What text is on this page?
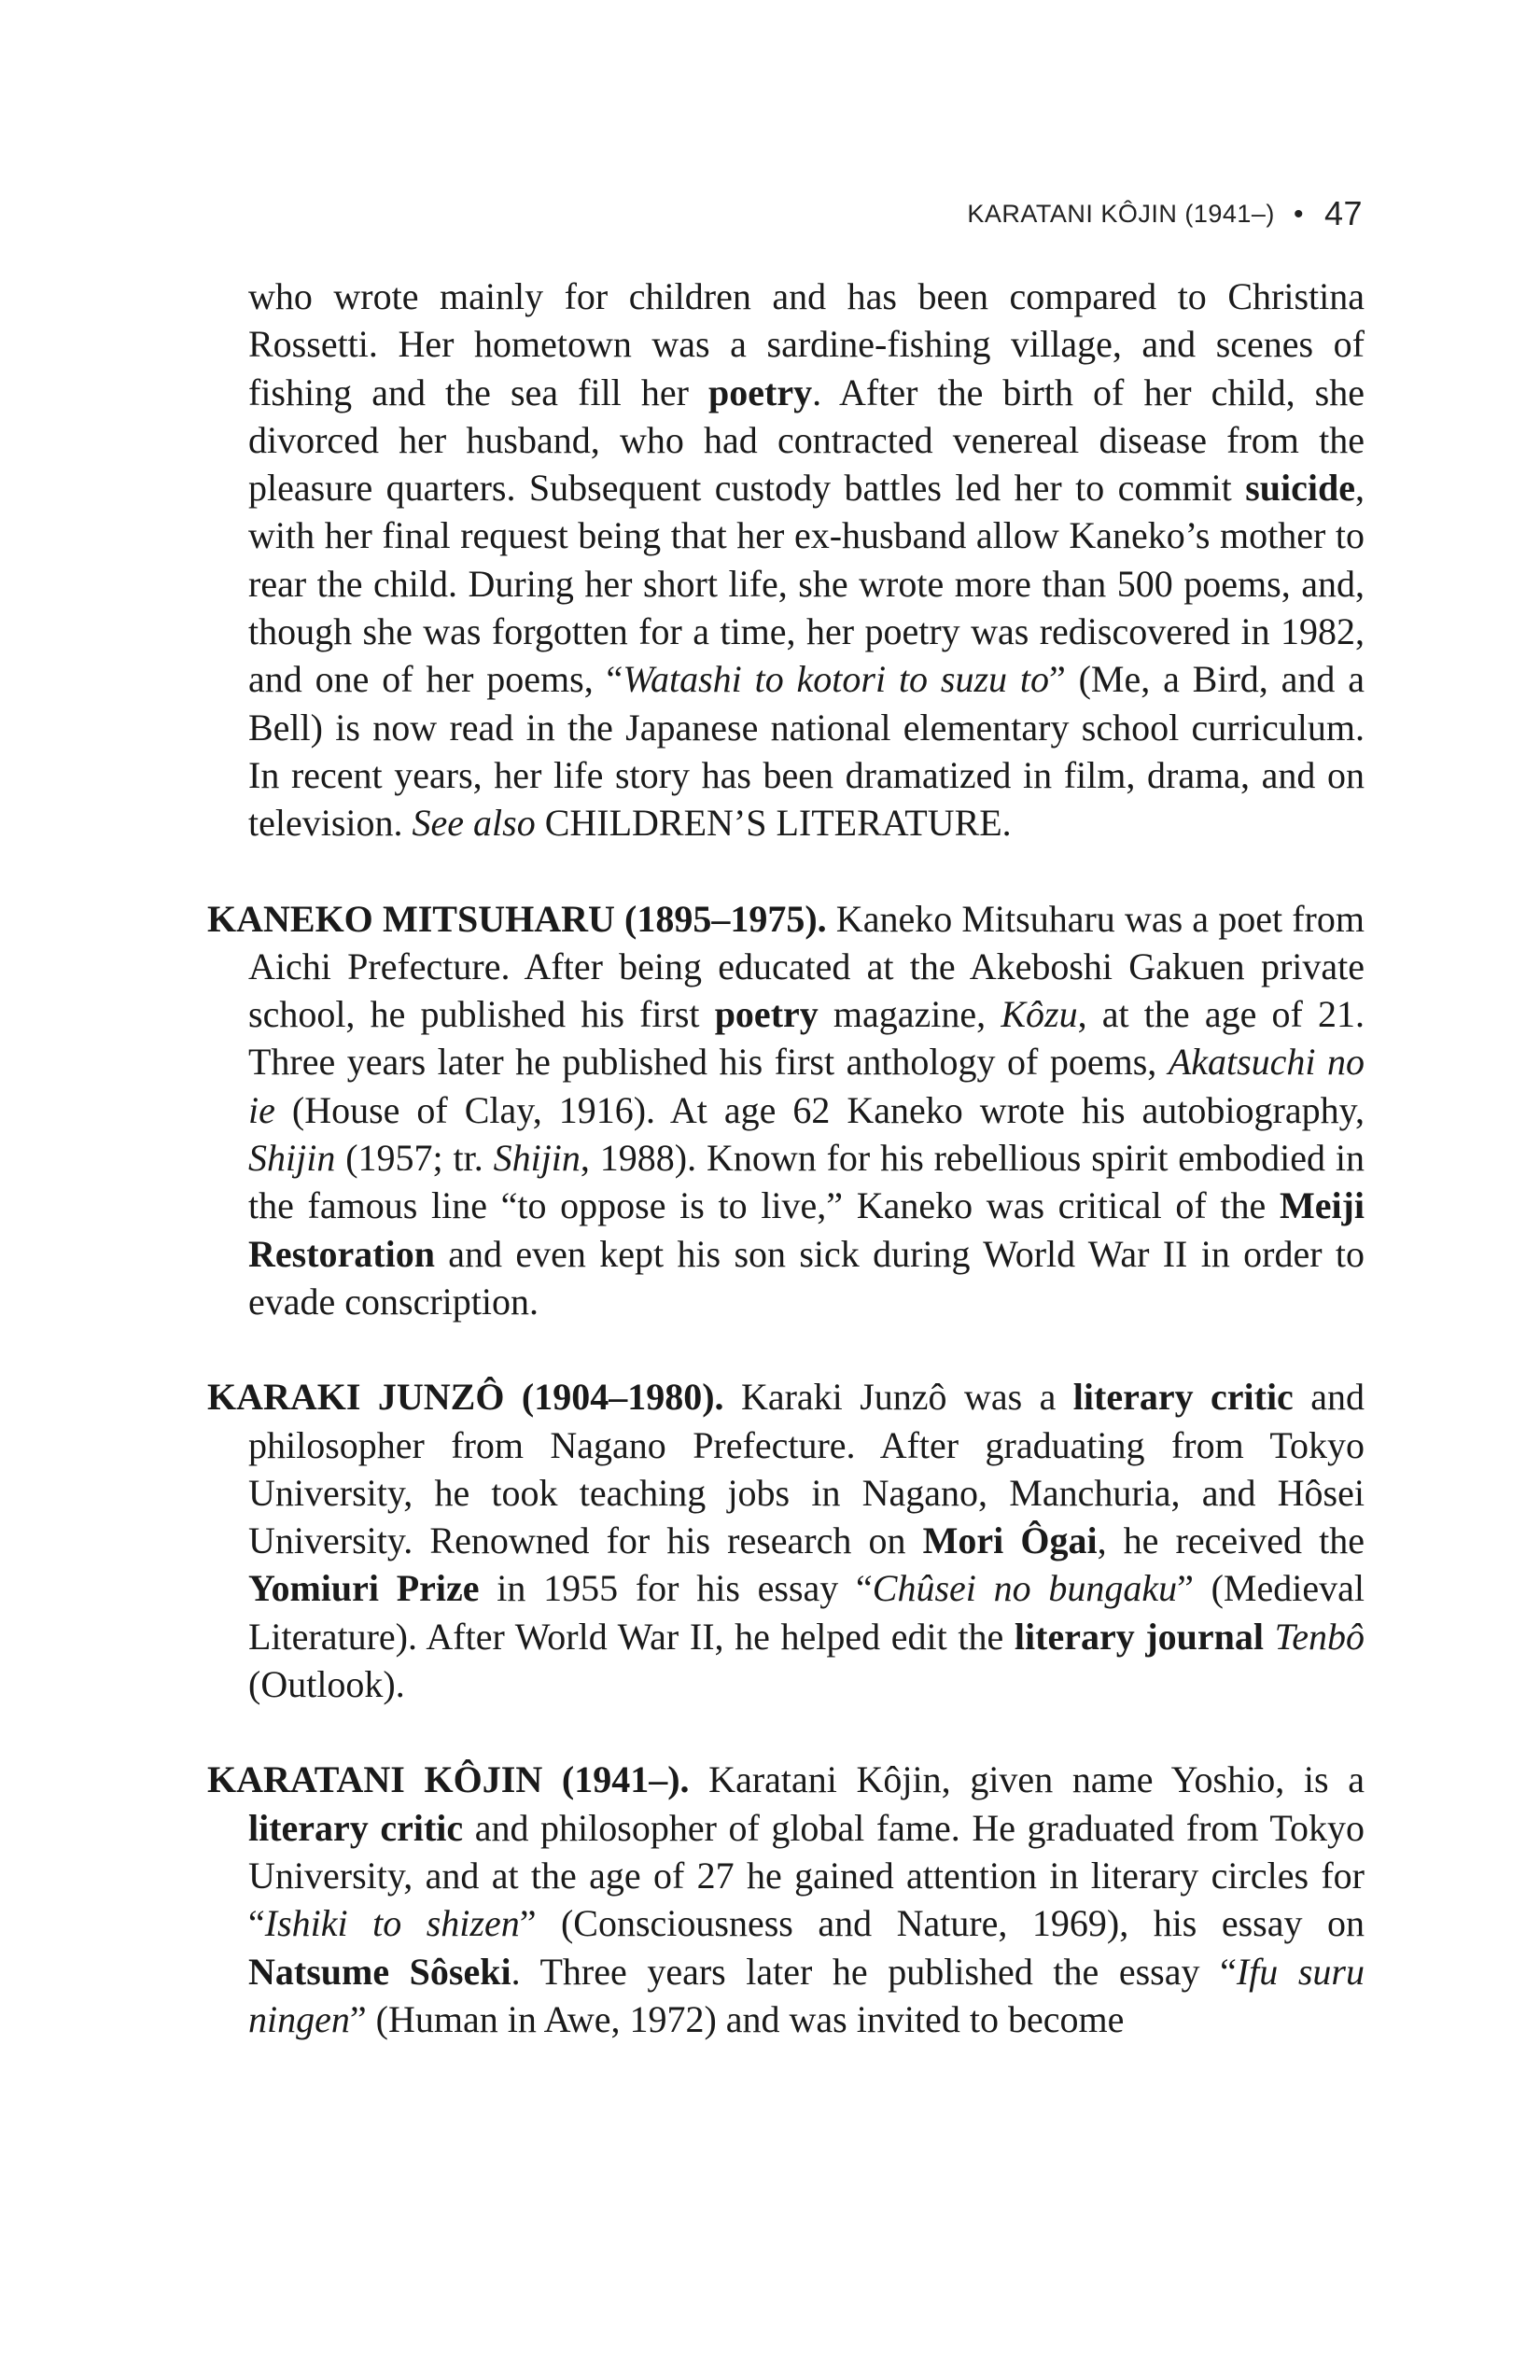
KARATANI KÔJIN (1941–) • 47

who wrote mainly for children and has been compared to Christina Rossetti. Her hometown was a sardine-fishing village, and scenes of fishing and the sea fill her poetry. After the birth of her child, she divorced her husband, who had contracted venereal disease from the pleasure quarters. Subsequent custody battles led her to commit suicide, with her final request being that her ex-husband allow Kaneko’s mother to rear the child. During her short life, she wrote more than 500 poems, and, though she was forgotten for a time, her poetry was rediscovered in 1982, and one of her poems, “Watashi to kotori to suzu to” (Me, a Bird, and a Bell) is now read in the Japanese national elementary school curriculum. In recent years, her life story has been dramatized in film, drama, and on television. See also CHILDREN’S LITERATURE.

KANEKO MITSUHARU (1895–1975). Kaneko Mitsuharu was a poet from Aichi Prefecture. After being educated at the Akeboshi Gakuen private school, he published his first poetry magazine, Kôzu, at the age of 21. Three years later he published his first anthology of poems, Akatsuchi no ie (House of Clay, 1916). At age 62 Kaneko wrote his autobiography, Shijin (1957; tr. Shijin, 1988). Known for his rebellious spirit embodied in the famous line “to oppose is to live,” Kaneko was critical of the Meiji Restoration and even kept his son sick during World War II in order to evade conscription.

KARAKI JUNZÔ (1904–1980). Karaki Junzô was a literary critic and philosopher from Nagano Prefecture. After graduating from Tokyo University, he took teaching jobs in Nagano, Manchuria, and Hôsei University. Renowned for his research on Mori Ôgai, he received the Yomiuri Prize in 1955 for his essay “Chûsei no bungaku” (Medieval Literature). After World War II, he helped edit the literary journal Tenbô (Outlook).

KARATANI KÔJIN (1941–). Karatani Kôjin, given name Yoshio, is a literary critic and philosopher of global fame. He graduated from Tokyo University, and at the age of 27 he gained attention in literary circles for “Ishiki to shizen” (Consciousness and Nature, 1969), his essay on Natsume Sôseki. Three years later he published the essay “Ifu suru ningen” (Human in Awe, 1972) and was invited to become
